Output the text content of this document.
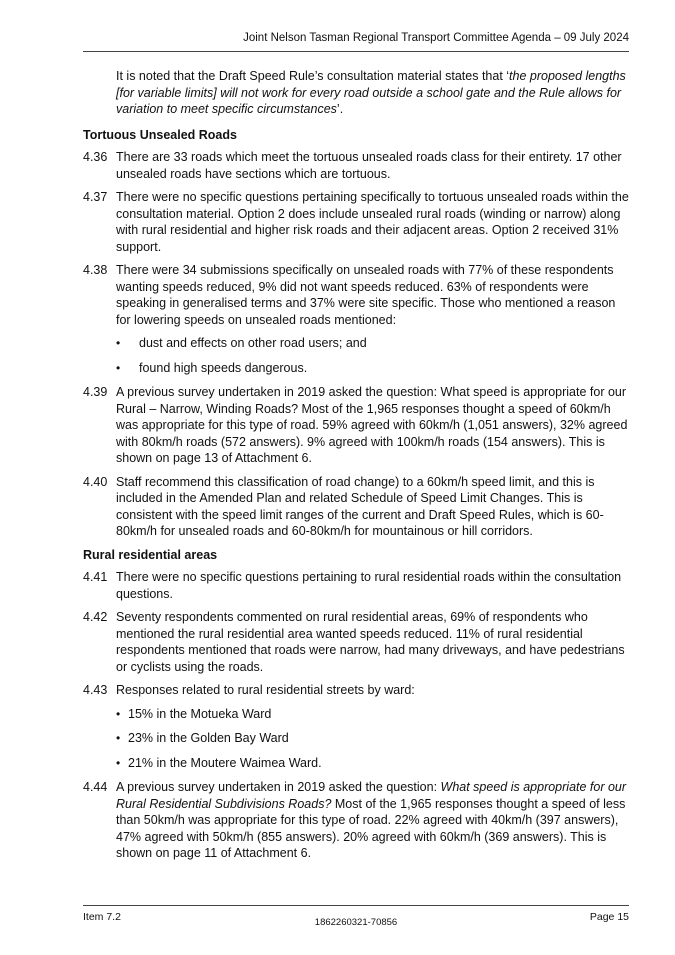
Joint Nelson Tasman Regional Transport Committee Agenda – 09 July 2024
It is noted that the Draft Speed Rule’s consultation material states that ‘the proposed lengths [for variable limits] will not work for every road outside a school gate and the Rule allows for variation to meet specific circumstances’.
Tortuous Unsealed Roads
4.36 There are 33 roads which meet the tortuous unsealed roads class for their entirety. 17 other unsealed roads have sections which are tortuous.
4.37 There were no specific questions pertaining specifically to tortuous unsealed roads within the consultation material. Option 2 does include unsealed rural roads (winding or narrow) along with rural residential and higher risk roads and their adjacent areas. Option 2 received 31% support.
4.38 There were 34 submissions specifically on unsealed roads with 77% of these respondents wanting speeds reduced, 9% did not want speeds reduced. 63% of respondents were speaking in generalised terms and 37% were site specific. Those who mentioned a reason for lowering speeds on unsealed roads mentioned:
•	dust and effects on other road users; and
•	found high speeds dangerous.
4.39 A previous survey undertaken in 2019 asked the question: What speed is appropriate for our Rural – Narrow, Winding Roads? Most of the 1,965 responses thought a speed of 60km/h was appropriate for this type of road. 59% agreed with 60km/h (1,051 answers), 32% agreed with 80km/h roads (572 answers). 9% agreed with 100km/h roads (154 answers). This is shown on page 13 of Attachment 6.
4.40 Staff recommend this classification of road change) to a 60km/h speed limit, and this is included in the Amended Plan and related Schedule of Speed Limit Changes. This is consistent with the speed limit ranges of the current and Draft Speed Rules, which is 60-80km/h for unsealed roads and 60-80km/h for mountainous or hill corridors.
Rural residential areas
4.41 There were no specific questions pertaining to rural residential roads within the consultation questions.
4.42 Seventy respondents commented on rural residential areas, 69% of respondents who mentioned the rural residential area wanted speeds reduced. 11% of rural residential respondents mentioned that roads were narrow, had many driveways, and have pedestrians or cyclists using the roads.
4.43 Responses related to rural residential streets by ward:
• 15% in the Motueka Ward
• 23% in the Golden Bay Ward
• 21% in the Moutere Waimea Ward.
4.44 A previous survey undertaken in 2019 asked the question: What speed is appropriate for our Rural Residential Subdivisions Roads? Most of the 1,965 responses thought a speed of less than 50km/h was appropriate for this type of road. 22% agreed with 40km/h (397 answers), 47% agreed with 50km/h (855 answers). 20% agreed with 60km/h (369 answers). This is shown on page 11 of Attachment 6.
Item 7.2	1862260321-70856	Page 15
